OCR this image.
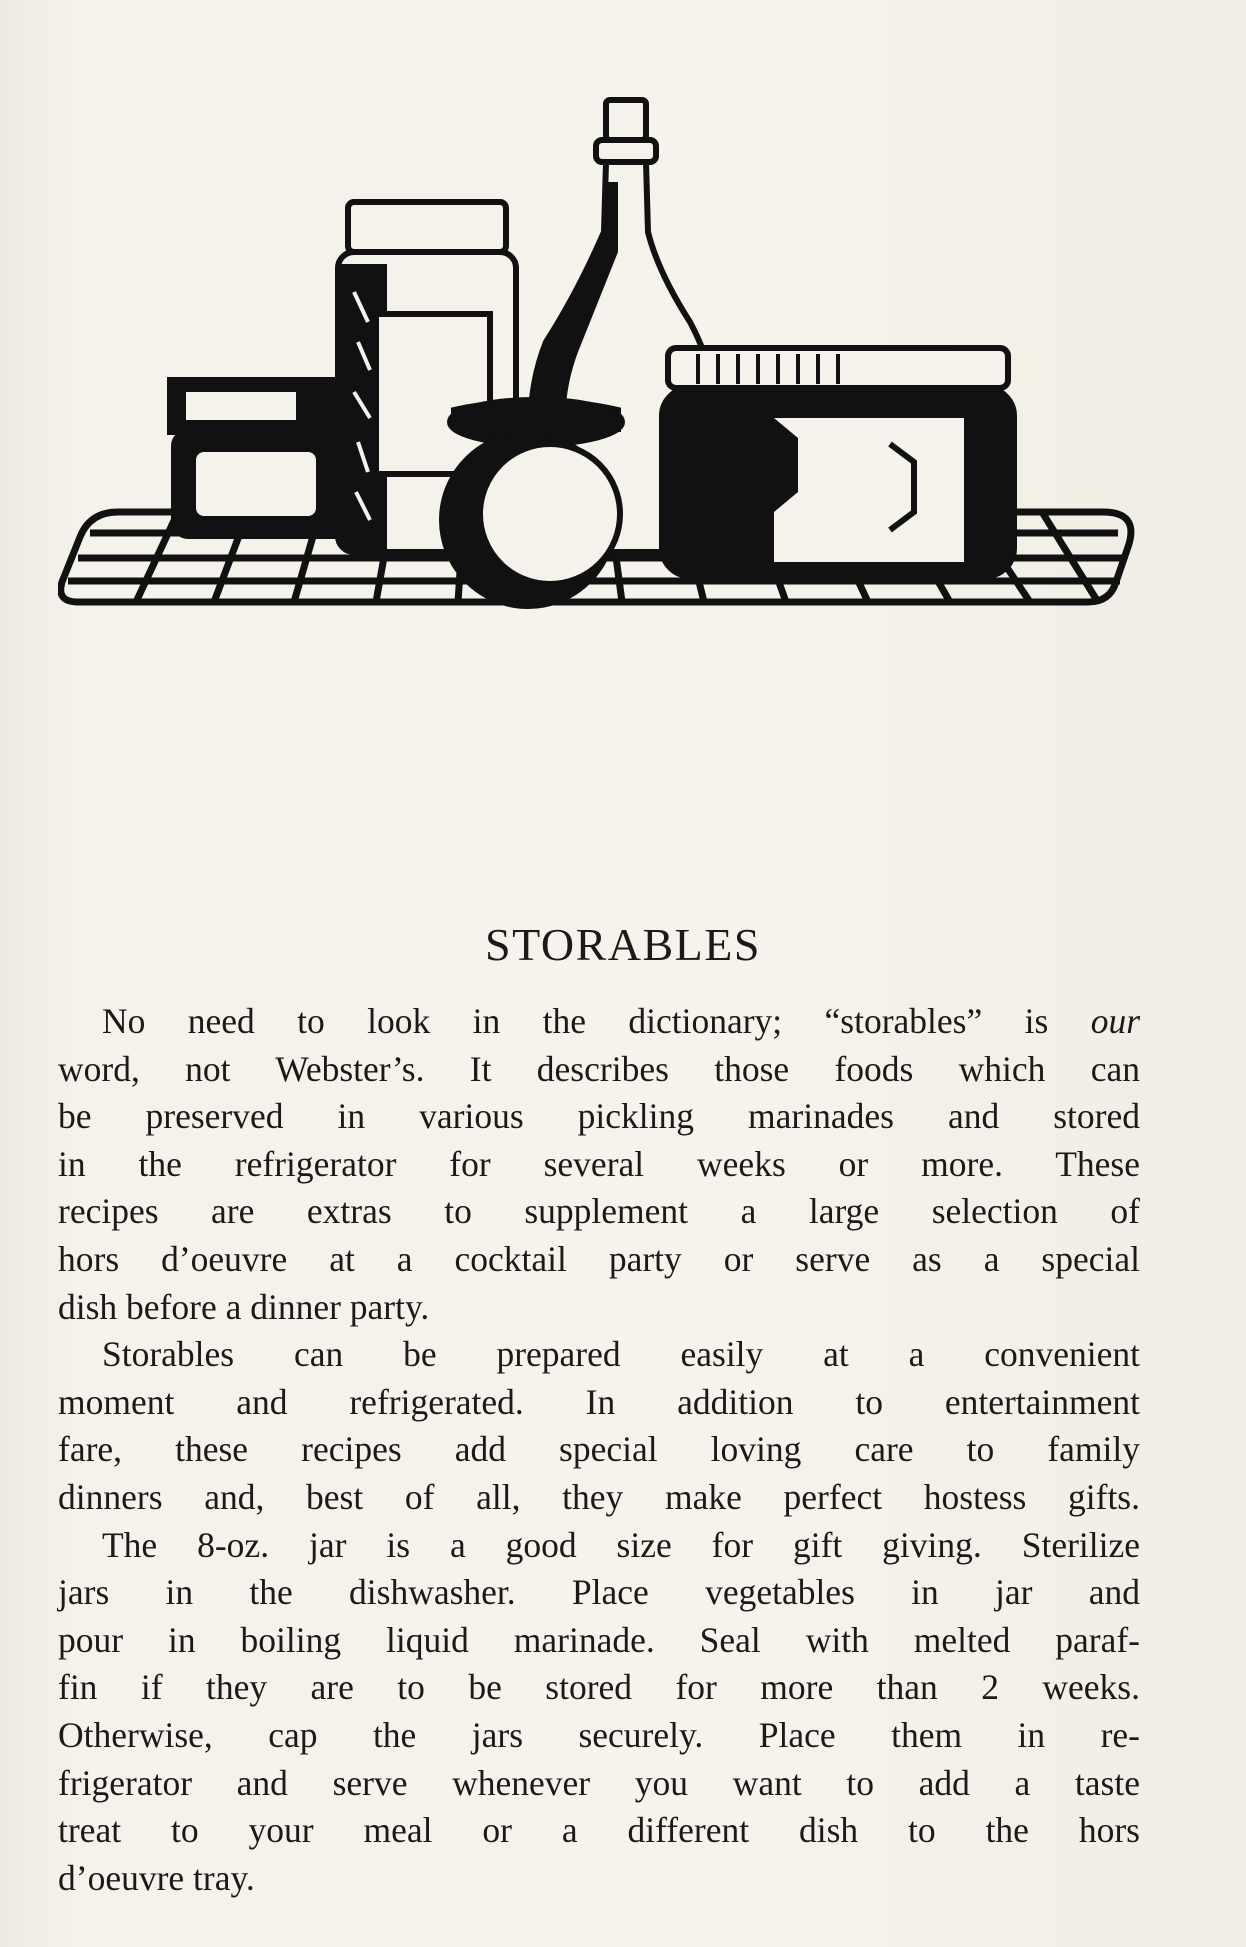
STORABLES

No need to look in the dictionary; “storables” is our
word, not Webster’s. It describes those foods which can
be preserved in various pickling marinades and stored
in the refrigerator for several weeks or more. These
recipes are extras to supplement a large selection of
hors d’oeuvre at a cocktail party or serve as a special
dish before a dinner party.

Storables can be prepared easily at a convenient
moment and refrigerated. In addition to entertainment
fare, these recipes add special loving care to family
dinners and, best of all, they make perfect hostess gifts.

The 8-oz. jar is a good size for gift giving. Sterilize
jars in the dishwasher. Place vegetables in jar and
pour in boiling liquid marinade. Seal with melted paraf-
fin if they are to be stored for more than 2 weeks.
Otherwise, cap the jars securely. Place them in re-
frigerator and serve whenever you want to add a taste
treat to your meal or a different dish to the hors
d’oeuvre tray.
